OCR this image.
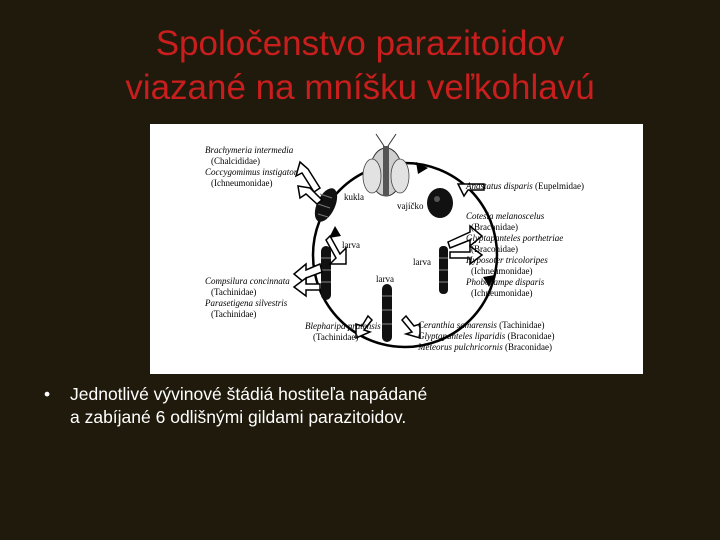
Spoločenstvo parazitoidov
viazané na mníšku veľkohlavú
kukla
vajíčko
larva
larva
larva
Brachymeria intermedia
(Chalcididae)
Coccygomimus instigator
(Ichneumonidae)	Anastatus disparis (Eupelmidae)
Cotesia melanoscelus
(Braconidae)
Glyptapanteles porthetriae
(Braconidae)
Hyposoter tricoloripes
(Ichneumonidae)
Phobocampe disparis
(Ichneumonidae)
Compsilura concinnata
(Tachinidae)
Parasetigena silvestris
(Tachinidae)
Blepharipa pratensis
(Tachinidae)
Ceranthia samarensis (Tachinidae)
Glyptapanteles liparidis (Braconidae)
Meteorus pulchricornis (Braconidae)
• Jednotlivé vývinové štádiá hostiteľa napádané
a zabíjané 6 odlišnými gildami parazitoidov.
